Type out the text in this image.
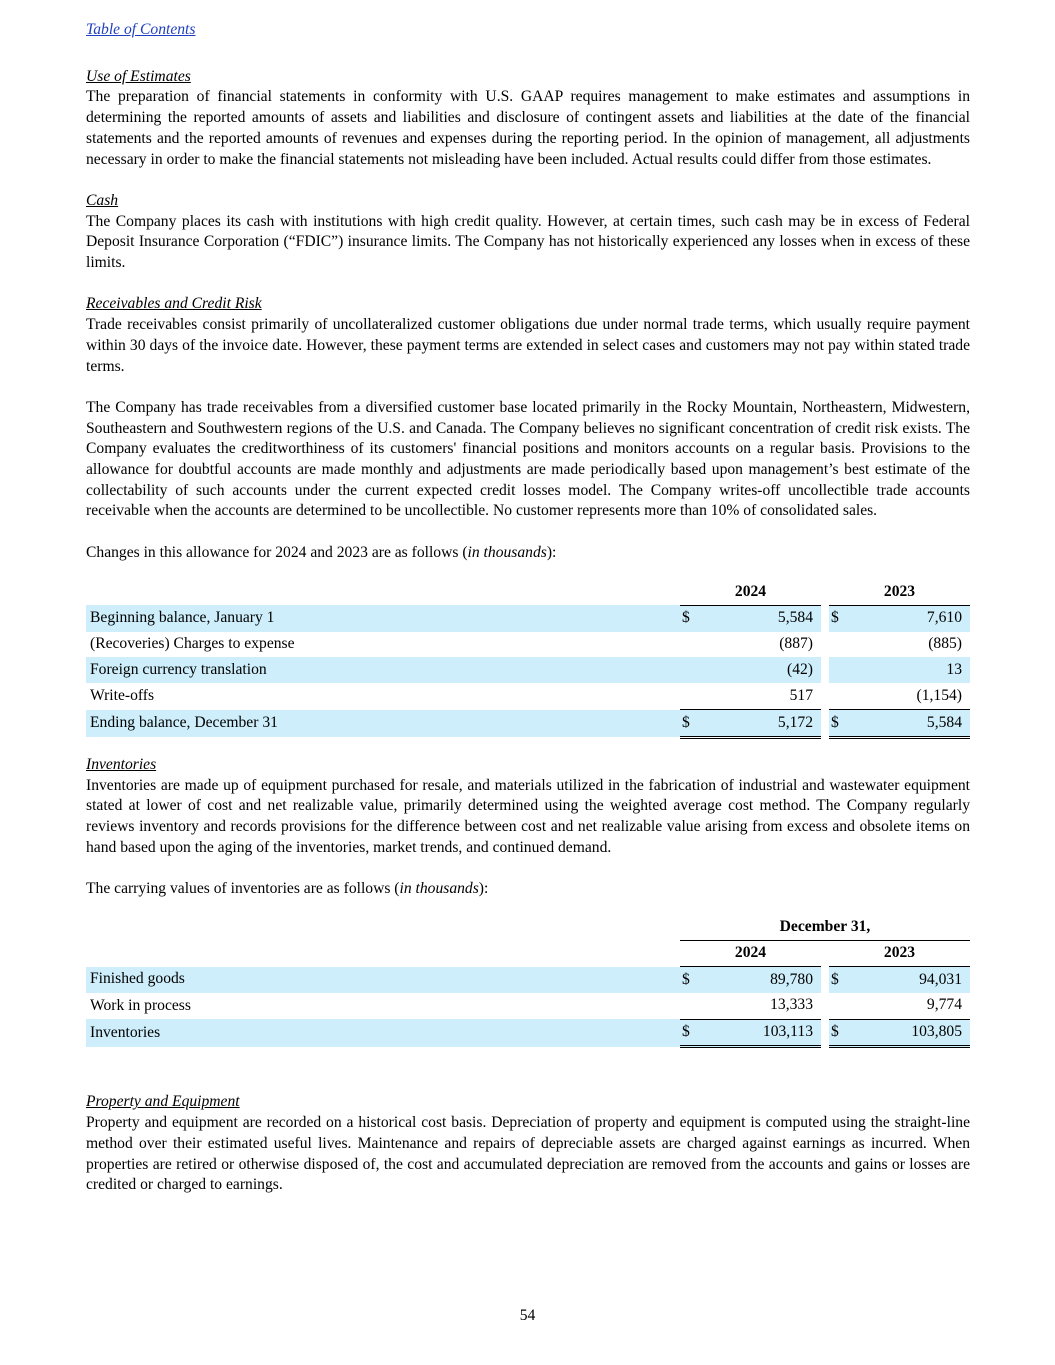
Table of Contents
Use of Estimates

The preparation of financial statements in conformity with U.S. GAAP requires management to make estimates and assumptions in determining the reported amounts of assets and liabilities and disclosure of contingent assets and liabilities at the date of the financial statements and the reported amounts of revenues and expenses during the reporting period. In the opinion of management, all adjustments necessary in order to make the financial statements not misleading have been included. Actual results could differ from those estimates.

Cash

The Company places its cash with institutions with high credit quality. However, at certain times, such cash may be in excess of Federal Deposit Insurance Corporation (“FDIC”) insurance limits. The Company has not historically experienced any losses when in excess of these limits.

Receivables and Credit Risk

Trade receivables consist primarily of uncollateralized customer obligations due under normal trade terms, which usually require payment within 30 days of the invoice date. However, these payment terms are extended in select cases and customers may not pay within stated trade terms.

The Company has trade receivables from a diversified customer base located primarily in the Rocky Mountain, Northeastern, Midwestern, Southeastern and Southwestern regions of the U.S. and Canada. The Company believes no significant concentration of credit risk exists. The Company evaluates the creditworthiness of its customers' financial positions and monitors accounts on a regular basis. Provisions to the allowance for doubtful accounts are made monthly and adjustments are made periodically based upon management’s best estimate of the collectability of such accounts under the current expected credit losses model. The Company writes-off uncollectible trade accounts receivable when the accounts are determined to be uncollectible. No customer represents more than 10% of consolidated sales.

Changes in this allowance for 2024 and 2023 are as follows (in thousands):

	2024				2023		
Beginning balance, January 1	$	5,584			$	7,610	
(Recoveries) Charges to expense		(887)				(885)	
Foreign currency translation		(42)				13	
Write-offs		517				(1,154)	
Ending balance, December 31	$	5,172			$	5,584	
Inventories

Inventories are made up of equipment purchased for resale, and materials utilized in the fabrication of industrial and wastewater equipment stated at lower of cost and net realizable value, primarily determined using the weighted average cost method. The Company regularly reviews inventory and records provisions for the difference between cost and net realizable value arising from excess and obsolete items on hand based upon the aging of the inventories, market trends, and continued demand.

The carrying values of inventories are as follows (in thousands):

	December 31,						
	2024				2023		
Finished goods	$	89,780			$	94,031	
Work in process		13,333				9,774	
Inventories	$	103,113			$	103,805	
Property and Equipment

Property and equipment are recorded on a historical cost basis. Depreciation of property and equipment is computed using the straight-line method over their estimated useful lives. Maintenance and repairs of depreciable assets are charged against earnings as incurred. When properties are retired or otherwise disposed of, the cost and accumulated depreciation are removed from the accounts and gains or losses are credited or charged to earnings.

54
